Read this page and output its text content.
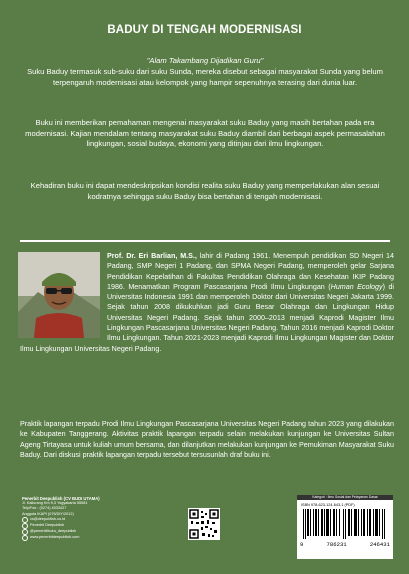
BADUY DI TENGAH MODERNISASI
"Alam Takambang Dijadikan Guru"
Suku Baduy termasuk sub-suku dari suku Sunda, mereka disebut sebagai masyarakat Sunda yang belum terpengaruh modernisasi atau kelompok yang hampir sepenuhnya terasing dari dunia luar.
Buku ini memberikan pemahaman mengenai masyarakat suku Baduy yang masih bertahan pada era modernisasi. Kajian mendalam tentang masyarakat suku Baduy diambil dari berbagai aspek permasalahan lingkungan, sosial budaya, ekonomi yang ditinjau dari ilmu lingkungan.
Kehadiran buku ini dapat mendeskripsikan kondisi realita suku Baduy yang memperlakukan alan sesuai kodratnya sehingga suku Baduy bisa bertahan di tengah modernisasi.
Prof. Dr. Eri Barlian, M.S., lahir di Padang 1961. Menempuh pendidikan SD Negeri 14 Padang, SMP Negeri 1 Padang, dan SPMA Negeri Padang, memperoleh gelar Sarjana Pendidikan Kepelatihan di Fakultas Pendidikan Olahraga dan Kesehatan IKIP Padang 1986. Menamatkan Program Pascasarjana Prodi Ilmu Lingkungan (Human Ecology) di Universitas Indonesia 1991 dan memperoleh Doktor dari Universitas Negeri Jakarta 1999. Sejak tahun 2008 dikukuhkan jadi Guru Besar Olahraga dan Lingkungan Hidup Universitas Negeri Padang. Sejak tahun 2000–2013 menjadi Kaprodi Magister Ilmu Lingkungan Pascasarjana Universitas Negeri Padang. Tahun 2016 menjadi Kaprodi Doktor Ilmu Lingkungan. Tahun 2021-2023 menjadi Kaprodi Ilmu Lingkungan Magister dan Doktor Ilmu Lingkungan Universitas Negeri Padang.
Praktik lapangan terpadu Prodi Ilmu Lingkungan Pascasarjana Universitas Negeri Padang tahun 2023 yang dilakukan ke Kabupaten Tanggerang. Aktivitas praktik lapangan terpadu selain melakukan kunjungan ke Universitas Sultan Ageng Tirtayasa untuk kuliah umum bersama, dan dilanjutkan melakukan kunjungan ke Pemukiman Masyarakat Suku Baduy. Dari diskusi praktik lapangan terpadu tersebut tersusunlah draf buku ini.
Penerbit Deepublish (CV BUDI UTAMA)
Jl. Kaliurang Km 9,3 Yogyakarta 55581
Telp/Fax : (0274) 4533427
Anggota IKAPI (076/DIY/2012)
cs@deepublish.co.id
Penerbit Deepublish
@penerbitbuku_deepublish
www.penerbitdeepublish.com
Kategori : Ilmu Sosial dan Pelayanan Dasar
ISBN 978-623-124-643-1 (PDF)
9	786231	246431
